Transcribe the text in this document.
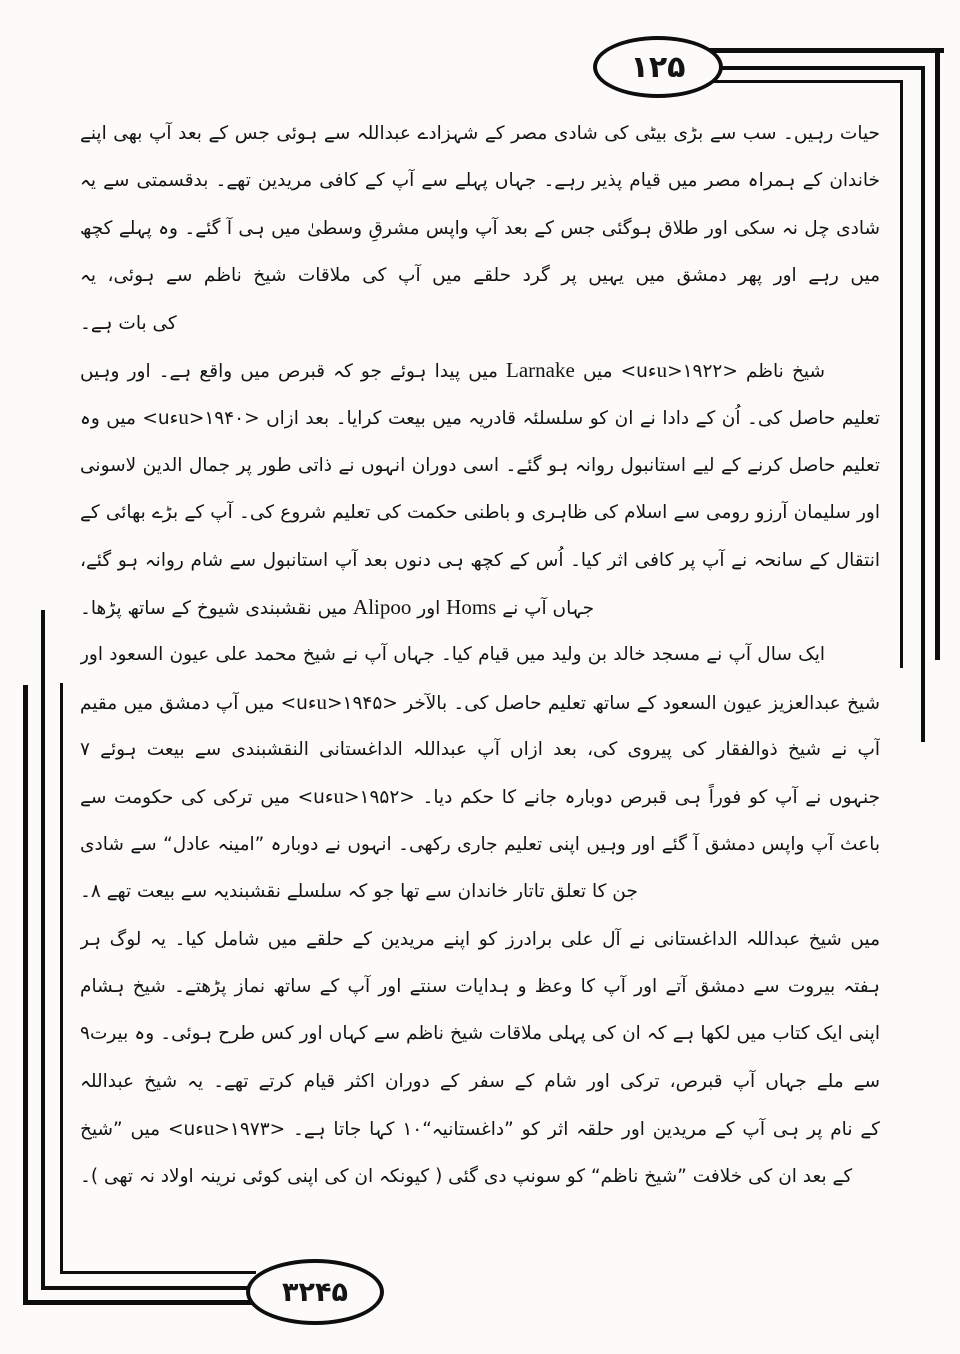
۱۲۵
حیات رہیں۔ سب سے بڑی بیٹی کی شادی مصر کے شہزادے عبداللہ سے ہوئی جس کے بعد آپ بھی اپنے
خاندان کے ہمراہ مصر میں قیام پذیر رہے۔ جہاں پہلے سے آپ کے کافی مریدین تھے۔ بدقسمتی سے یہ
شادی چل نہ سکی اور طلاق ہوگئی جس کے بعد آپ واپس مشرقِ وسطیٰ میں ہی آ گئے۔ وہ پہلے کچھ
میں رہے اور پھر دمشق میں یہیں پر گرد حلقے میں آپ کی ملاقات شیخ ناظم سے ہوئی، یہ
کی بات ہے۔
شیخ ناظم <u>۱۹۲۲ءu> میں Larnake میں پیدا ہوئے جو کہ قبرص میں واقع ہے۔ اور وہیں
تعلیم حاصل کی۔ اُن کے دادا نے ان کو سلسلئہ قادریہ میں بیعت کرایا۔ بعد ازاں <u>۱۹۴۰ءu> میں وہ
تعلیم حاصل کرنے کے لیے استانبول روانہ ہو گئے۔ اسی دوران انہوں نے ذاتی طور پر جمال الدین لاسونی
اور سلیمان آرزو رومی سے اسلام کی ظاہری و باطنی حکمت کی تعلیم شروع کی۔ آپ کے بڑے بھائی کے
انتقال کے سانحہ نے آپ پر کافی اثر کیا۔ اُس کے کچھ ہی دنوں بعد آپ استانبول سے شام روانہ ہو گئے،
جہاں آپ نے Homs اور Alipoo میں نقشبندی شیوخ کے ساتھ پڑھا۔
ایک سال آپ نے مسجد خالد بن ولید میں قیام کیا۔ جہاں آپ نے شیخ محمد علی عیون السعود اور
شیخ عبدالعزیز عیون السعود کے ساتھ تعلیم حاصل کی۔ بالآخر <u>۱۹۴۵ءu> میں آپ دمشق میں مقیم
آپ نے شیخ ذوالفقار کی پیروی کی، بعد ازاں آپ عبداللہ الداغستانی النقشبندی سے بیعت ہوئے ۷
جنہوں نے آپ کو فوراً ہی قبرص دوبارہ جانے کا حکم دیا۔ <u>۱۹۵۲ءu> میں ترکی کی حکومت سے
باعث آپ واپس دمشق آ گئے اور وہیں اپنی تعلیم جاری رکھی۔ انہوں نے دوبارہ ”امینہ عادل“ سے شادی
جن کا تعلق تاتار خاندان سے تھا جو کہ سلسلے نقشبندیہ سے بیعت تھے ۸۔
میں شیخ عبداللہ الداغستانی نے آل علی برادرز کو اپنے مریدین کے حلقے میں شامل کیا۔ یہ لوگ ہر
ہفتہ بیروت سے دمشق آتے اور آپ کا وعظ و ہدایات سنتے اور آپ کے ساتھ نماز پڑھتے۔ شیخ ہشام
اپنی ایک کتاب میں لکھا ہے کہ ان کی پہلی ملاقات شیخ ناظم سے کہاں اور کس طرح ہوئی۔ وہ بیرت۹
سے ملے جہاں آپ قبرص، ترکی اور شام کے سفر کے دوران اکثر قیام کرتے تھے۔ یہ شیخ عبداللہ
کے نام پر ہی آپ کے مریدین اور حلقہ اثر کو ”داغستانیہ“۱۰ کہا جاتا ہے۔ <u>۱۹۷۳ءu> میں ”شیخ
کے بعد ان کی خلافت ”شیخ ناظم“ کو سونپ دی گئی ( کیونکہ ان کی اپنی کوئی نرینہ اولاد نہ تھی )۔
۳۲۴۵
